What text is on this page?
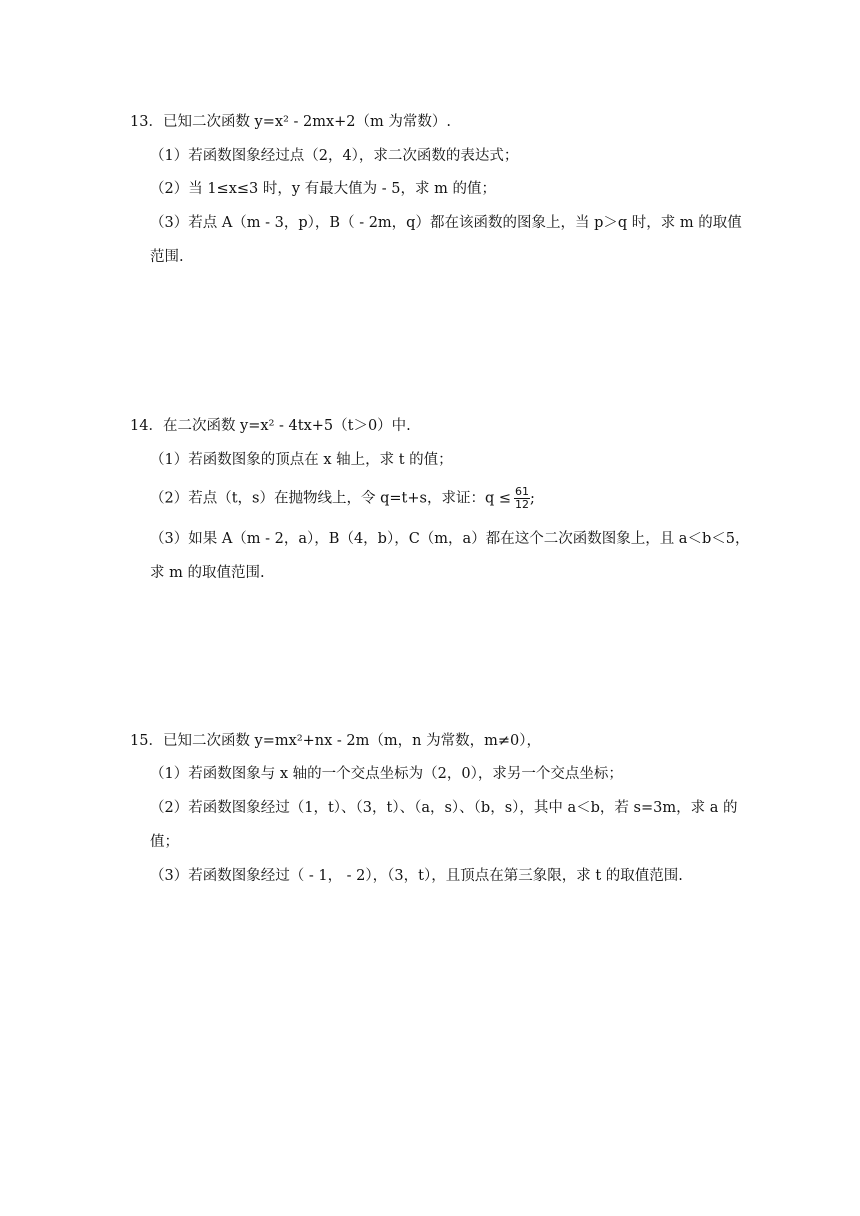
13．已知二次函数 y=x² ‑ 2mx+2（m 为常数）.
（1）若函数图象经过点（2，4），求二次函数的表达式；
（2）当 1≤x≤3 时，y 有最大值为 ‑ 5，求 m 的值；
（3）若点 A（m ‑ 3，p），B（ ‑ 2m，q）都在该函数的图象上，当 p＞q 时，求 m 的取值
范围.
14．在二次函数 y=x² ‑ 4tx+5（t＞0）中.
（1）若函数图象的顶点在 x 轴上，求 t 的值；
（2）若点（t，s）在抛物线上，令 q=t+s，求证：$q \le \frac{61}{12}$ ;
（3）如果 A（m ‑ 2，a），B（4，b），C（m，a）都在这个二次函数图象上，且 a＜b＜5，
求 m 的取值范围.
15．已知二次函数 y=mx²+nx ‑ 2m（m，n 为常数，m≠0），
（1）若函数图象与 x 轴的一个交点坐标为（2，0），求另一个交点坐标；
（2）若函数图象经过（1，t）、（3，t）、（a，s）、（b，s），其中 a＜b，若 s=3m，求 a 的
值；
（3）若函数图象经过（ ‑ 1， ‑ 2），（3，t），且顶点在第三象限，求 t 的取值范围.
